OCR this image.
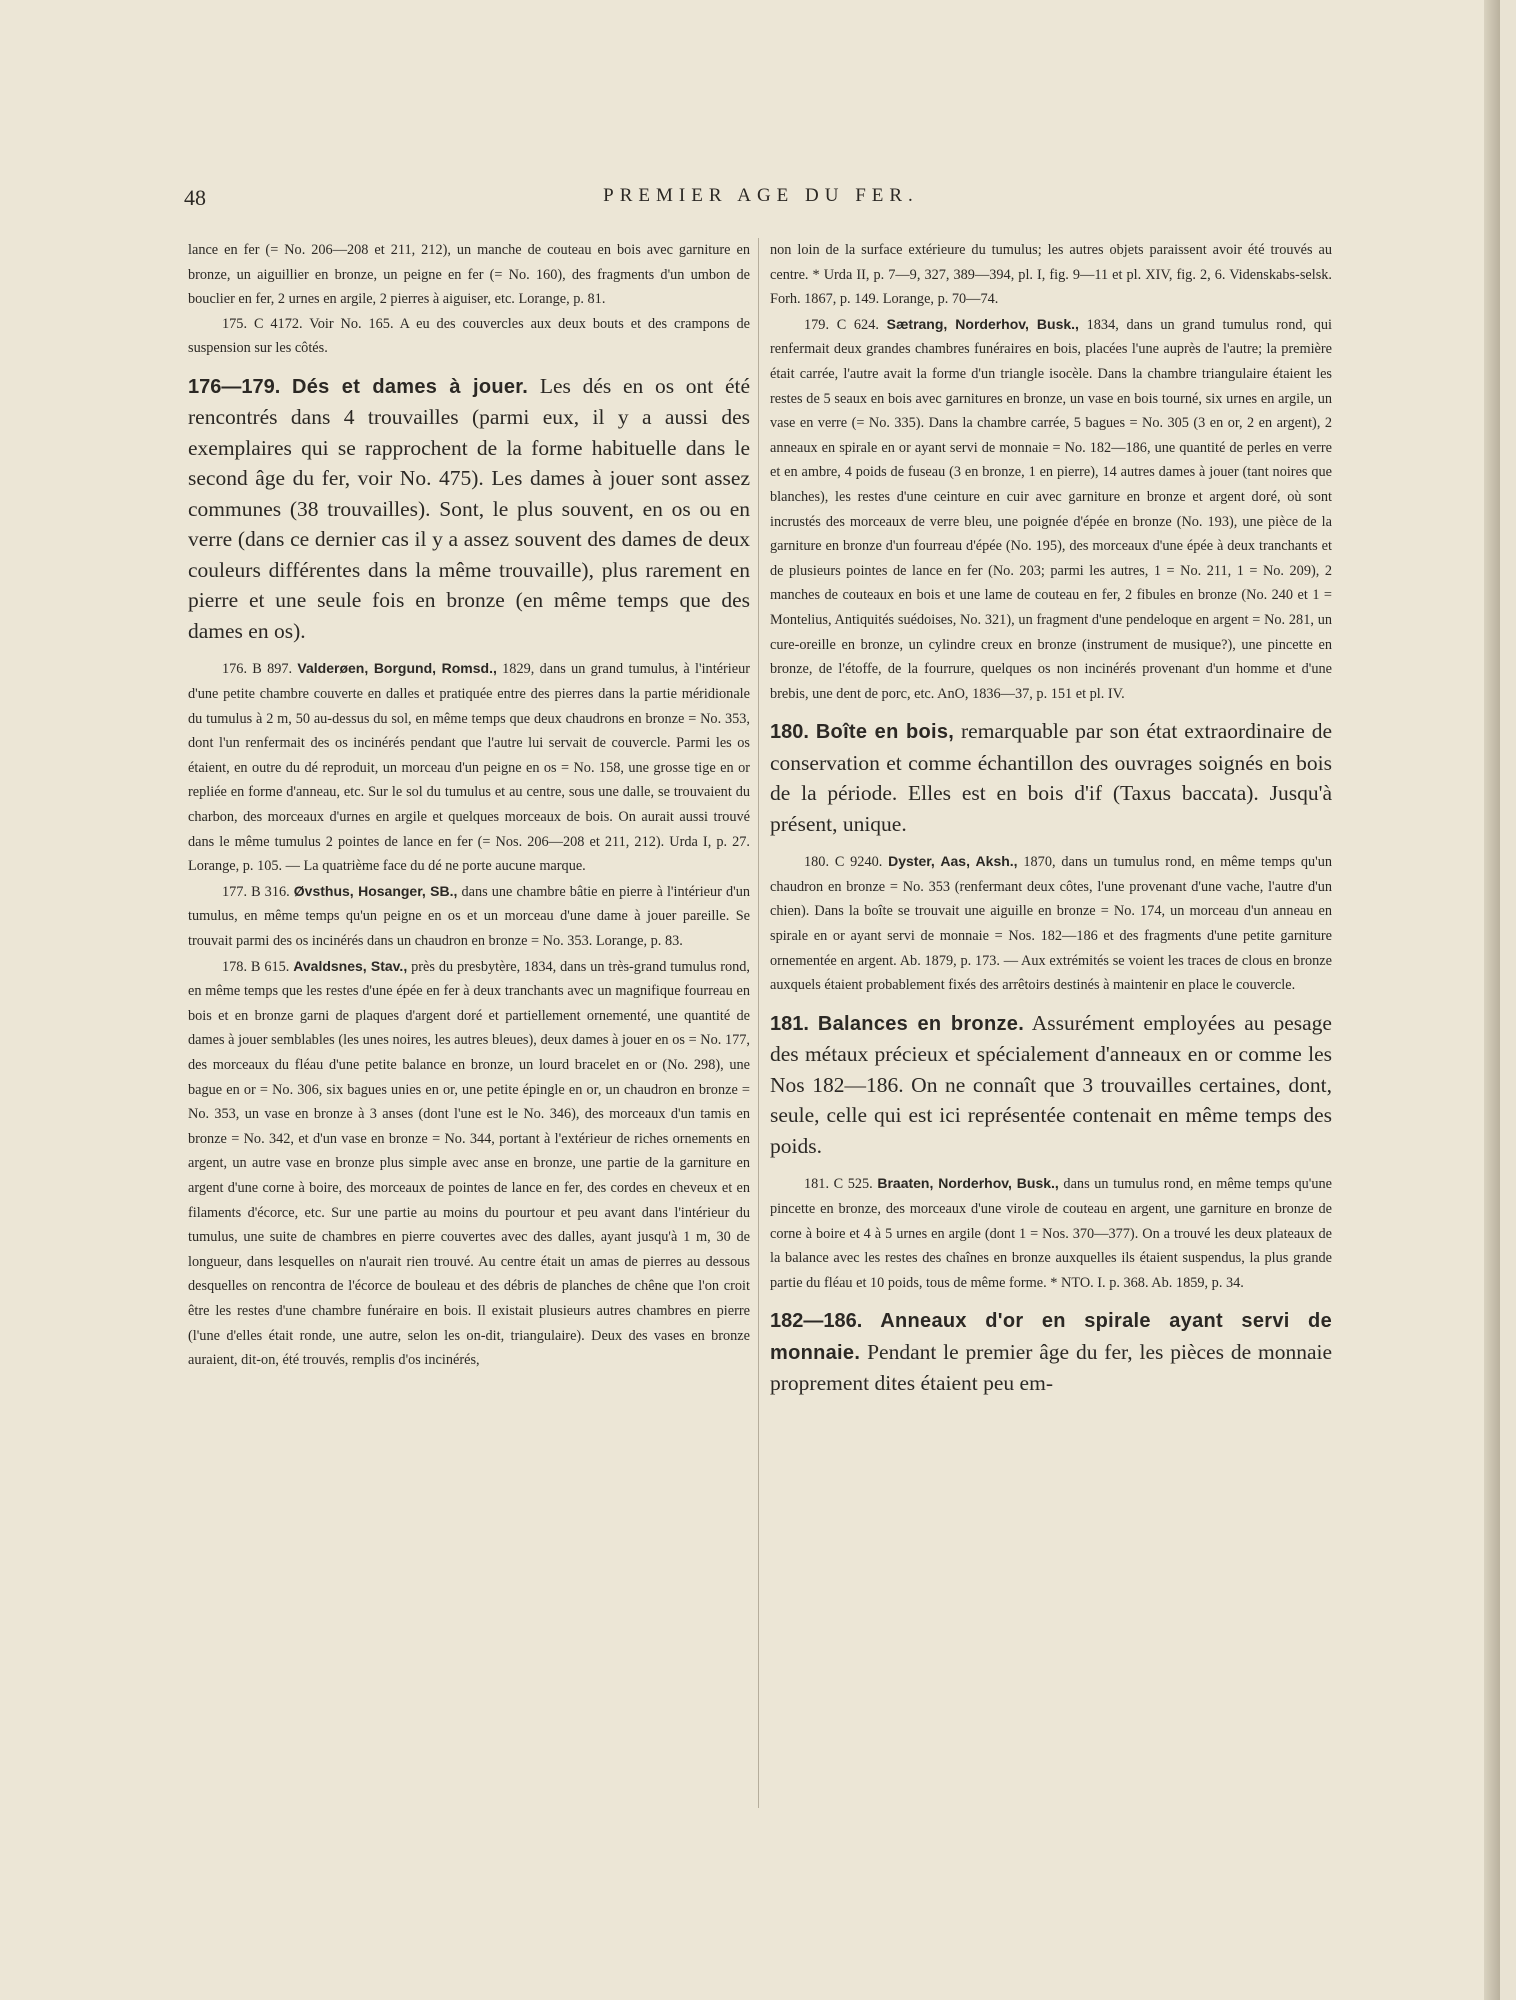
48	PREMIER AGE DU FER.

lance en fer (= No. 206—208 et 211, 212), un manche de couteau en bois avec garniture en bronze, un aiguillier en bronze, un peigne en fer (= No. 160), des fragments d'un umbon de bouclier en fer, 2 urnes en argile, 2 pierres à aiguiser, etc. Lorange, p. 81.

175. C 4172. Voir No. 165. A eu des couvercles aux deux bouts et des crampons de suspension sur les côtés.

176—179. Dés et dames à jouer. Les dés en os ont été rencontrés dans 4 trouvailles (parmi eux, il y a aussi des exemplaires qui se rapprochent de la forme habituelle dans le second âge du fer, voir No. 475). Les dames à jouer sont assez communes (38 trouvailles). Sont, le plus souvent, en os ou en verre (dans ce dernier cas il y a assez souvent des dames de deux couleurs différentes dans la même trouvaille), plus rarement en pierre et une seule fois en bronze (en même temps que des dames en os).

176. B 897. Valderøen, Borgund, Romsd., 1829, dans un grand tumulus, à l'intérieur d'une petite chambre couverte en dalles et pratiquée entre des pierres dans la partie méridionale du tumulus à 2 m, 50 au-dessus du sol, en même temps que deux chaudrons en bronze = No. 353, dont l'un renfermait des os incinérés pendant que l'autre lui servait de couvercle. Parmi les os étaient, en outre du dé reproduit, un morceau d'un peigne en os = No. 158, une grosse tige en or repliée en forme d'anneau, etc. Sur le sol du tumulus et au centre, sous une dalle, se trouvaient du charbon, des morceaux d'urnes en argile et quelques morceaux de bois. On aurait aussi trouvé dans le même tumulus 2 pointes de lance en fer (= Nos. 206—208 et 211, 212). Urda I, p. 27. Lorange, p. 105. — La quatrième face du dé ne porte aucune marque.

177. B 316. Øvsthus, Hosanger, SB., dans une chambre bâtie en pierre à l'intérieur d'un tumulus, en même temps qu'un peigne en os et un morceau d'une dame à jouer pareille. Se trouvait parmi des os incinérés dans un chaudron en bronze = No. 353. Lorange, p. 83.

178. B 615. Avaldsnes, Stav., près du presbytère, 1834, dans un très-grand tumulus rond, en même temps que les restes d'une épée en fer à deux tranchants avec un magnifique fourreau en bois et en bronze garni de plaques d'argent doré et partiellement ornementé, une quantité de dames à jouer semblables (les unes noires, les autres bleues), deux dames à jouer en os = No. 177, des morceaux du fléau d'une petite balance en bronze, un lourd bracelet en or (No. 298), une bague en or = No. 306, six bagues unies en or, une petite épingle en or, un chaudron en bronze = No. 353, un vase en bronze à 3 anses (dont l'une est le No. 346), des morceaux d'un tamis en bronze = No. 342, et d'un vase en bronze = No. 344, portant à l'extérieur de riches ornements en argent, un autre vase en bronze plus simple avec anse en bronze, une partie de la garniture en argent d'une corne à boire, des morceaux de pointes de lance en fer, des cordes en cheveux et en filaments d'écorce, etc. Sur une partie au moins du pourtour et peu avant dans l'intérieur du tumulus, une suite de chambres en pierre couvertes avec des dalles, ayant jusqu'à 1 m, 30 de longueur, dans lesquelles on n'aurait rien trouvé. Au centre était un amas de pierres au dessous desquelles on rencontra de l'écorce de bouleau et des débris de planches de chêne que l'on croit être les restes d'une chambre funéraire en bois. Il existait plusieurs autres chambres en pierre (l'une d'elles était ronde, une autre, selon les on-dit, triangulaire). Deux des vases en bronze auraient, dit-on, été trouvés, remplis d'os incinérés,

non loin de la surface extérieure du tumulus; les autres objets paraissent avoir été trouvés au centre. * Urda II, p. 7—9, 327, 389—394, pl. I, fig. 9—11 et pl. XIV, fig. 2, 6. Videnskabs-selsk. Forh. 1867, p. 149. Lorange, p. 70—74.

179. C 624. Sætrang, Norderhov, Busk., 1834, dans un grand tumulus rond, qui renfermait deux grandes chambres funéraires en bois, placées l'une auprès de l'autre; la première était carrée, l'autre avait la forme d'un triangle isocèle. Dans la chambre triangulaire étaient les restes de 5 seaux en bois avec garnitures en bronze, un vase en bois tourné, six urnes en argile, un vase en verre (= No. 335). Dans la chambre carrée, 5 bagues = No. 305 (3 en or, 2 en argent), 2 anneaux en spirale en or ayant servi de monnaie = No. 182—186, une quantité de perles en verre et en ambre, 4 poids de fuseau (3 en bronze, 1 en pierre), 14 autres dames à jouer (tant noires que blanches), les restes d'une ceinture en cuir avec garniture en bronze et argent doré, où sont incrustés des morceaux de verre bleu, une poignée d'épée en bronze (No. 193), une pièce de la garniture en bronze d'un fourreau d'épée (No. 195), des morceaux d'une épée à deux tranchants et de plusieurs pointes de lance en fer (No. 203; parmi les autres, 1 = No. 211, 1 = No. 209), 2 manches de couteaux en bois et une lame de couteau en fer, 2 fibules en bronze (No. 240 et 1 = Montelius, Antiquités suédoises, No. 321), un fragment d'une pendeloque en argent = No. 281, un cure-oreille en bronze, un cylindre creux en bronze (instrument de musique?), une pincette en bronze, de l'étoffe, de la fourrure, quelques os non incinérés provenant d'un homme et d'une brebis, une dent de porc, etc. AnO, 1836—37, p. 151 et pl. IV.

180. Boîte en bois, remarquable par son état extraordinaire de conservation et comme échantillon des ouvrages soignés en bois de la période. Elles est en bois d'if (Taxus baccata). Jusqu'à présent, unique.

180. C 9240. Dyster, Aas, Aksh., 1870, dans un tumulus rond, en même temps qu'un chaudron en bronze = No. 353 (renfermant deux côtes, l'une provenant d'une vache, l'autre d'un chien). Dans la boîte se trouvait une aiguille en bronze = No. 174, un morceau d'un anneau en spirale en or ayant servi de monnaie = Nos. 182—186 et des fragments d'une petite garniture ornementée en argent. Ab. 1879, p. 173. — Aux extrémités se voient les traces de clous en bronze auxquels étaient probablement fixés des arrêtoirs destinés à maintenir en place le couvercle.

181. Balances en bronze. Assurément employées au pesage des métaux précieux et spécialement d'anneaux en or comme les Nos 182—186. On ne connaît que 3 trouvailles certaines, dont, seule, celle qui est ici représentée contenait en même temps des poids.

181. C 525. Braaten, Norderhov, Busk., dans un tumulus rond, en même temps qu'une pincette en bronze, des morceaux d'une virole de couteau en argent, une garniture en bronze de corne à boire et 4 à 5 urnes en argile (dont 1 = Nos. 370—377). On a trouvé les deux plateaux de la balance avec les restes des chaînes en bronze auxquelles ils étaient suspendus, la plus grande partie du fléau et 10 poids, tous de même forme. * NTO. I. p. 368. Ab. 1859, p. 34.

182—186. Anneaux d'or en spirale ayant servi de monnaie. Pendant le premier âge du fer, les pièces de monnaie proprement dites étaient peu em-
